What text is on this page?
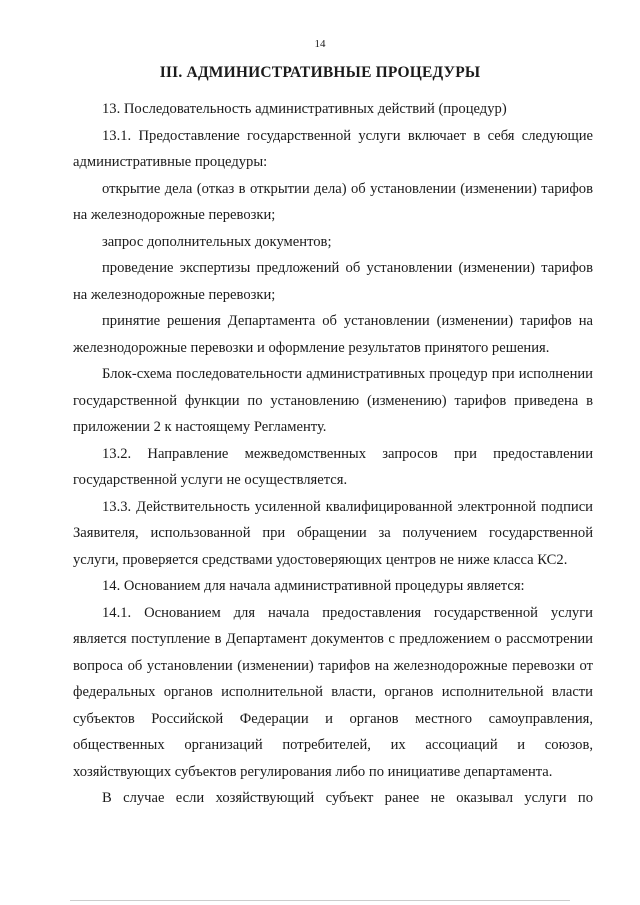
14
III. АДМИНИСТРАТИВНЫЕ ПРОЦЕДУРЫ

13. Последовательность административных действий (процедур)

13.1. Предоставление государственной услуги включает в себя следующие административные процедуры:

открытие дела (отказ в открытии дела) об установлении (изменении) тарифов на железнодорожные перевозки;

запрос дополнительных документов;

проведение экспертизы предложений об установлении (изменении) тарифов на железнодорожные перевозки;

принятие решения Департамента об установлении (изменении) тарифов на железнодорожные перевозки и оформление результатов принятого решения.

Блок-схема последовательности административных процедур при исполнении государственной функции по установлению (изменению) тарифов приведена в приложении 2 к настоящему Регламенту.

13.2. Направление межведомственных запросов при предоставлении государственной услуги не осуществляется.

13.3. Действительность усиленной квалифицированной электронной подписи Заявителя, использованной при обращении за получением государственной услуги, проверяется средствами удостоверяющих центров не ниже класса КС2.

14. Основанием для начала административной процедуры является:

14.1. Основанием для начала предоставления государственной услуги является поступление в Департамент документов с предложением о рассмотрении вопроса об установлении (изменении) тарифов на железнодорожные перевозки от федеральных органов исполнительной власти, органов исполнительной власти субъектов Российской Федерации и органов местного самоуправления, общественных организаций потребителей, их ассоциаций и союзов, хозяйствующих субъектов регулирования либо по инициативе департамента.

В случае если хозяйствующий субъект ранее не оказывал услуги по
